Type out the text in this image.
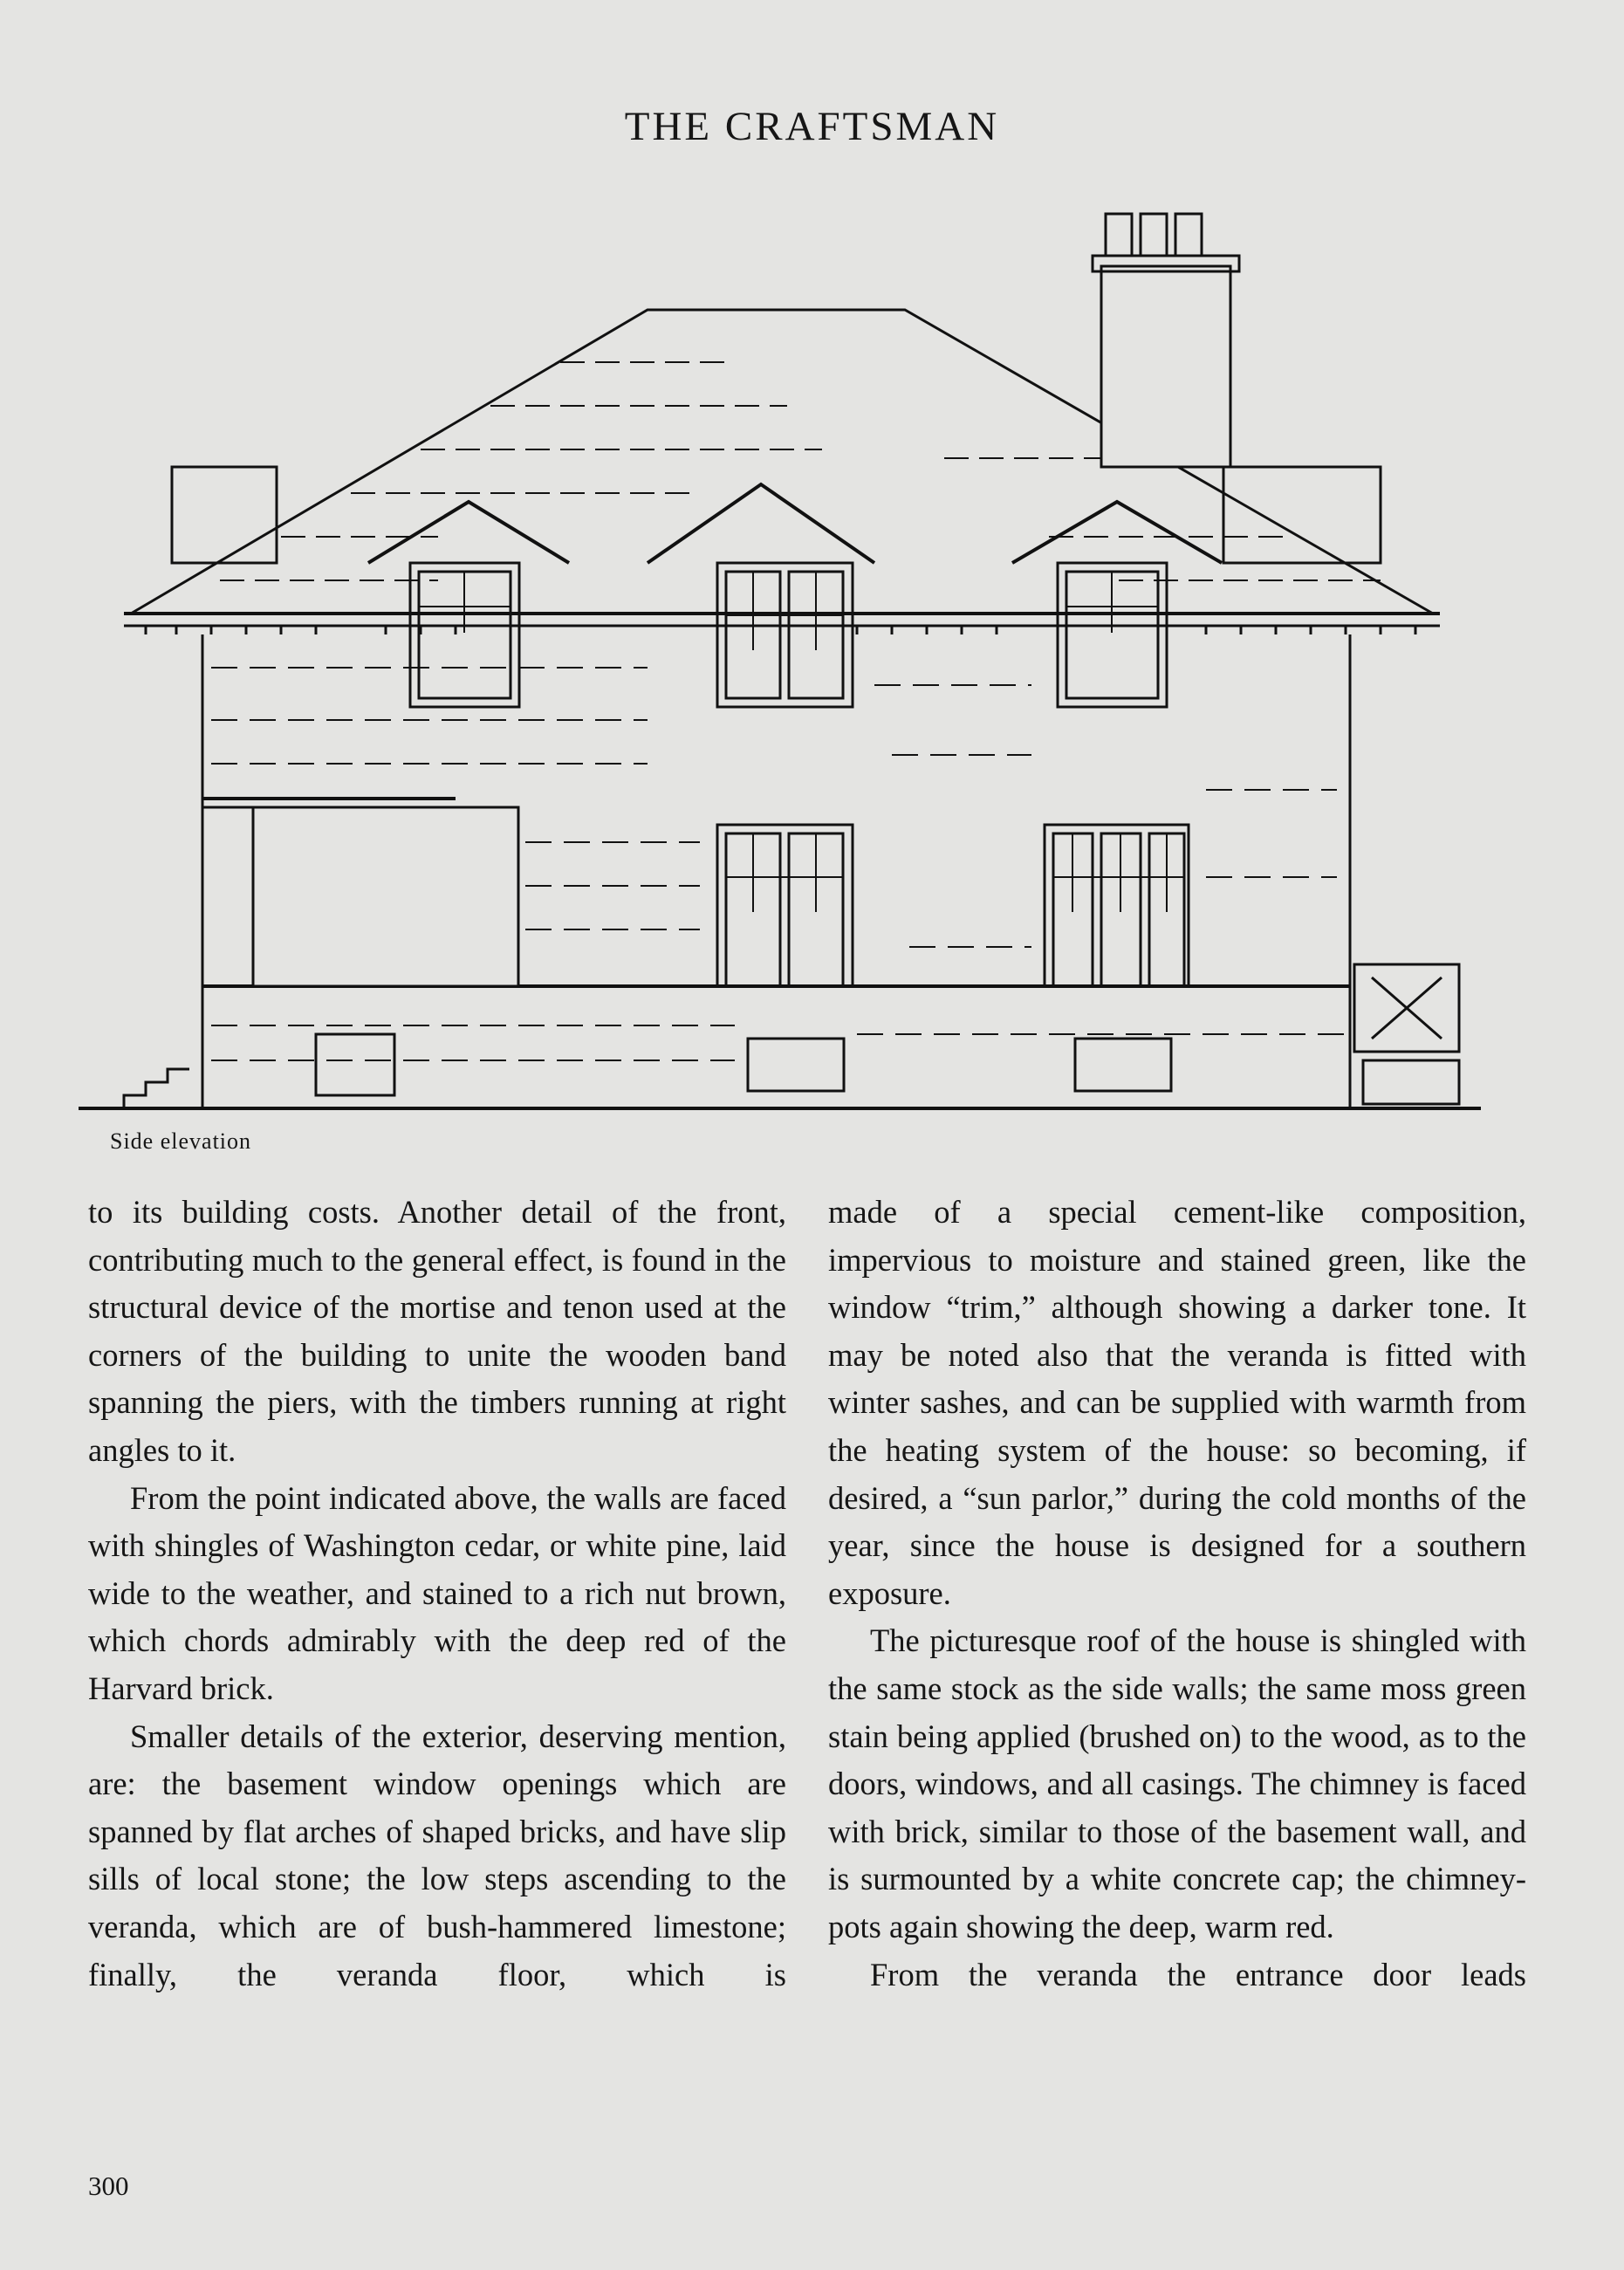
THE CRAFTSMAN
Side elevation

to its building costs. Another detail of the front, contributing much to the general effect, is found in the structural device of the mortise and tenon used at the corners of the building to unite the wooden band spanning the piers, with the timbers running at right angles to it.

From the point indicated above, the walls are faced with shingles of Washington cedar, or white pine, laid wide to the weather, and stained to a rich nut brown, which chords admirably with the deep red of the Harvard brick.

Smaller details of the exterior, deserving mention, are: the basement window openings which are spanned by flat arches of shaped bricks, and have slip sills of local stone; the low steps ascending to the veranda, which are of bush-hammered limestone; finally, the veranda floor, which is

made of a special cement-like composition, impervious to moisture and stained green, like the window “trim,” although showing a darker tone. It may be noted also that the veranda is fitted with winter sashes, and can be supplied with warmth from the heating system of the house: so becoming, if desired, a “sun parlor,” during the cold months of the year, since the house is designed for a southern exposure.

The picturesque roof of the house is shingled with the same stock as the side walls; the same moss green stain being applied (brushed on) to the wood, as to the doors, windows, and all casings. The chimney is faced with brick, similar to those of the basement wall, and is surmounted by a white concrete cap; the chimney-pots again showing the deep, warm red.

From the veranda the entrance door leads

300
